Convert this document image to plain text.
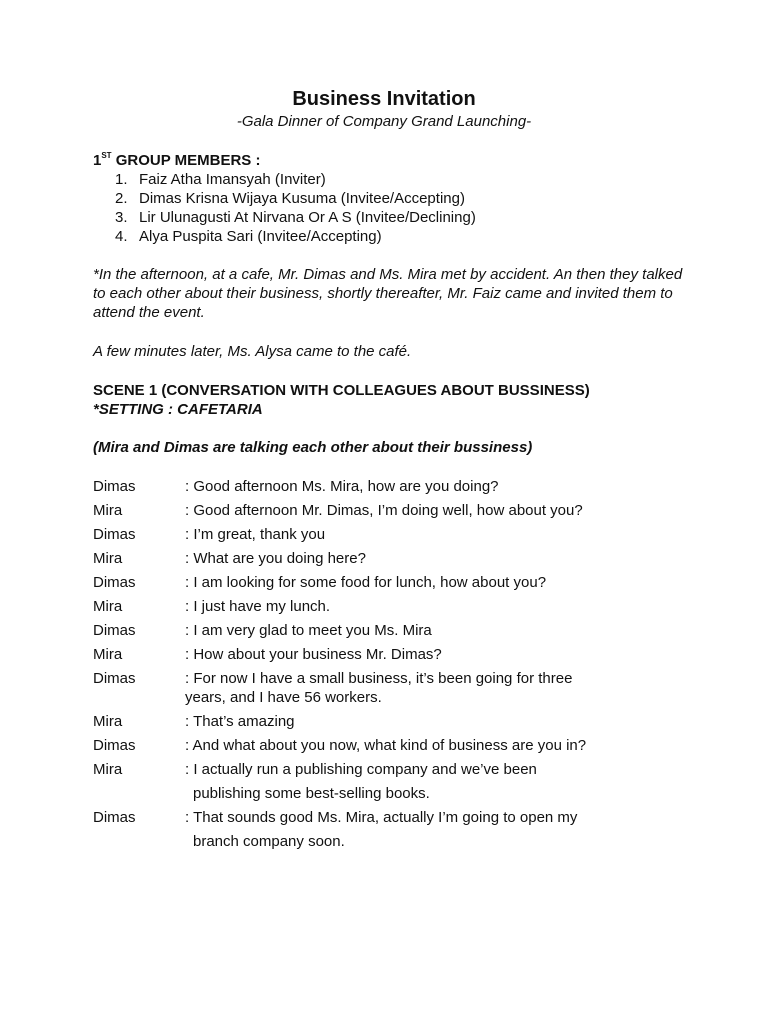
Business Invitation
-Gala Dinner of Company Grand Launching-
1ST GROUP MEMBERS :
1. Faiz Atha Imansyah (Inviter)
2. Dimas Krisna Wijaya Kusuma (Invitee/Accepting)
3. Lir Ulunagusti At Nirvana Or A S (Invitee/Declining)
4. Alya Puspita Sari (Invitee/Accepting)
*In the afternoon, at a cafe, Mr. Dimas and Ms. Mira met by accident. An then they talked to each other about their business, shortly thereafter, Mr. Faiz came and invited them to attend the event.
A few minutes later, Ms. Alysa came to the café.
SCENE 1 (CONVERSATION WITH COLLEAGUES ABOUT BUSSINESS)
*SETTING : CAFETARIA
(Mira and Dimas are talking each other about their bussiness)
Dimas	: Good afternoon Ms. Mira, how are you doing?
Mira	: Good afternoon Mr. Dimas, I’m doing well, how about you?
Dimas	: I’m great, thank you
Mira	: What are you doing here?
Dimas	: I am looking for some food for lunch, how about you?
Mira	: I just have my lunch.
Dimas	: I am very glad to meet you Ms. Mira
Mira	: How about your business Mr. Dimas?
Dimas	: For now I have a small business, it’s been going for three
years, and I have 56 workers.
Mira	: That’s amazing
Dimas	: And what about you now, what kind of business are you in?
Mira	: I actually run a publishing company and we’ve been
publishing some best-selling books.
Dimas	: That sounds good Ms. Mira, actually I’m going to open my
branch company soon.
